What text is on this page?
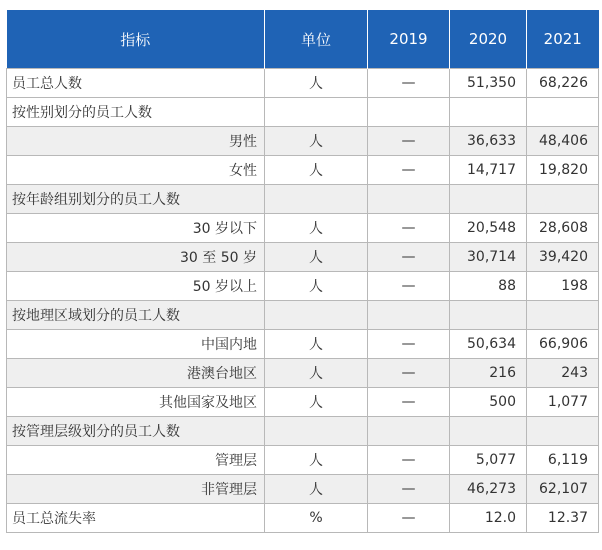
指标	单位	2019	2020	2021
员工总人数	人	—	51,350	68,226
按性别划分的员工人数				
男性	人	—	36,633	48,406
女性	人	—	14,717	19,820
按年龄组别划分的员工人数				
30 岁以下	人	—	20,548	28,608
30 至 50 岁	人	—	30,714	39,420
50 岁以上	人	—	88	198
按地理区域划分的员工人数				
中国内地	人	—	50,634	66,906
港澳台地区	人	—	216	243
其他国家及地区	人	—	500	1,077
按管理层级划分的员工人数				
管理层	人	—	5,077	6,119
非管理层	人	—	46,273	62,107
员工总流失率	%	—	12.0	12.37
